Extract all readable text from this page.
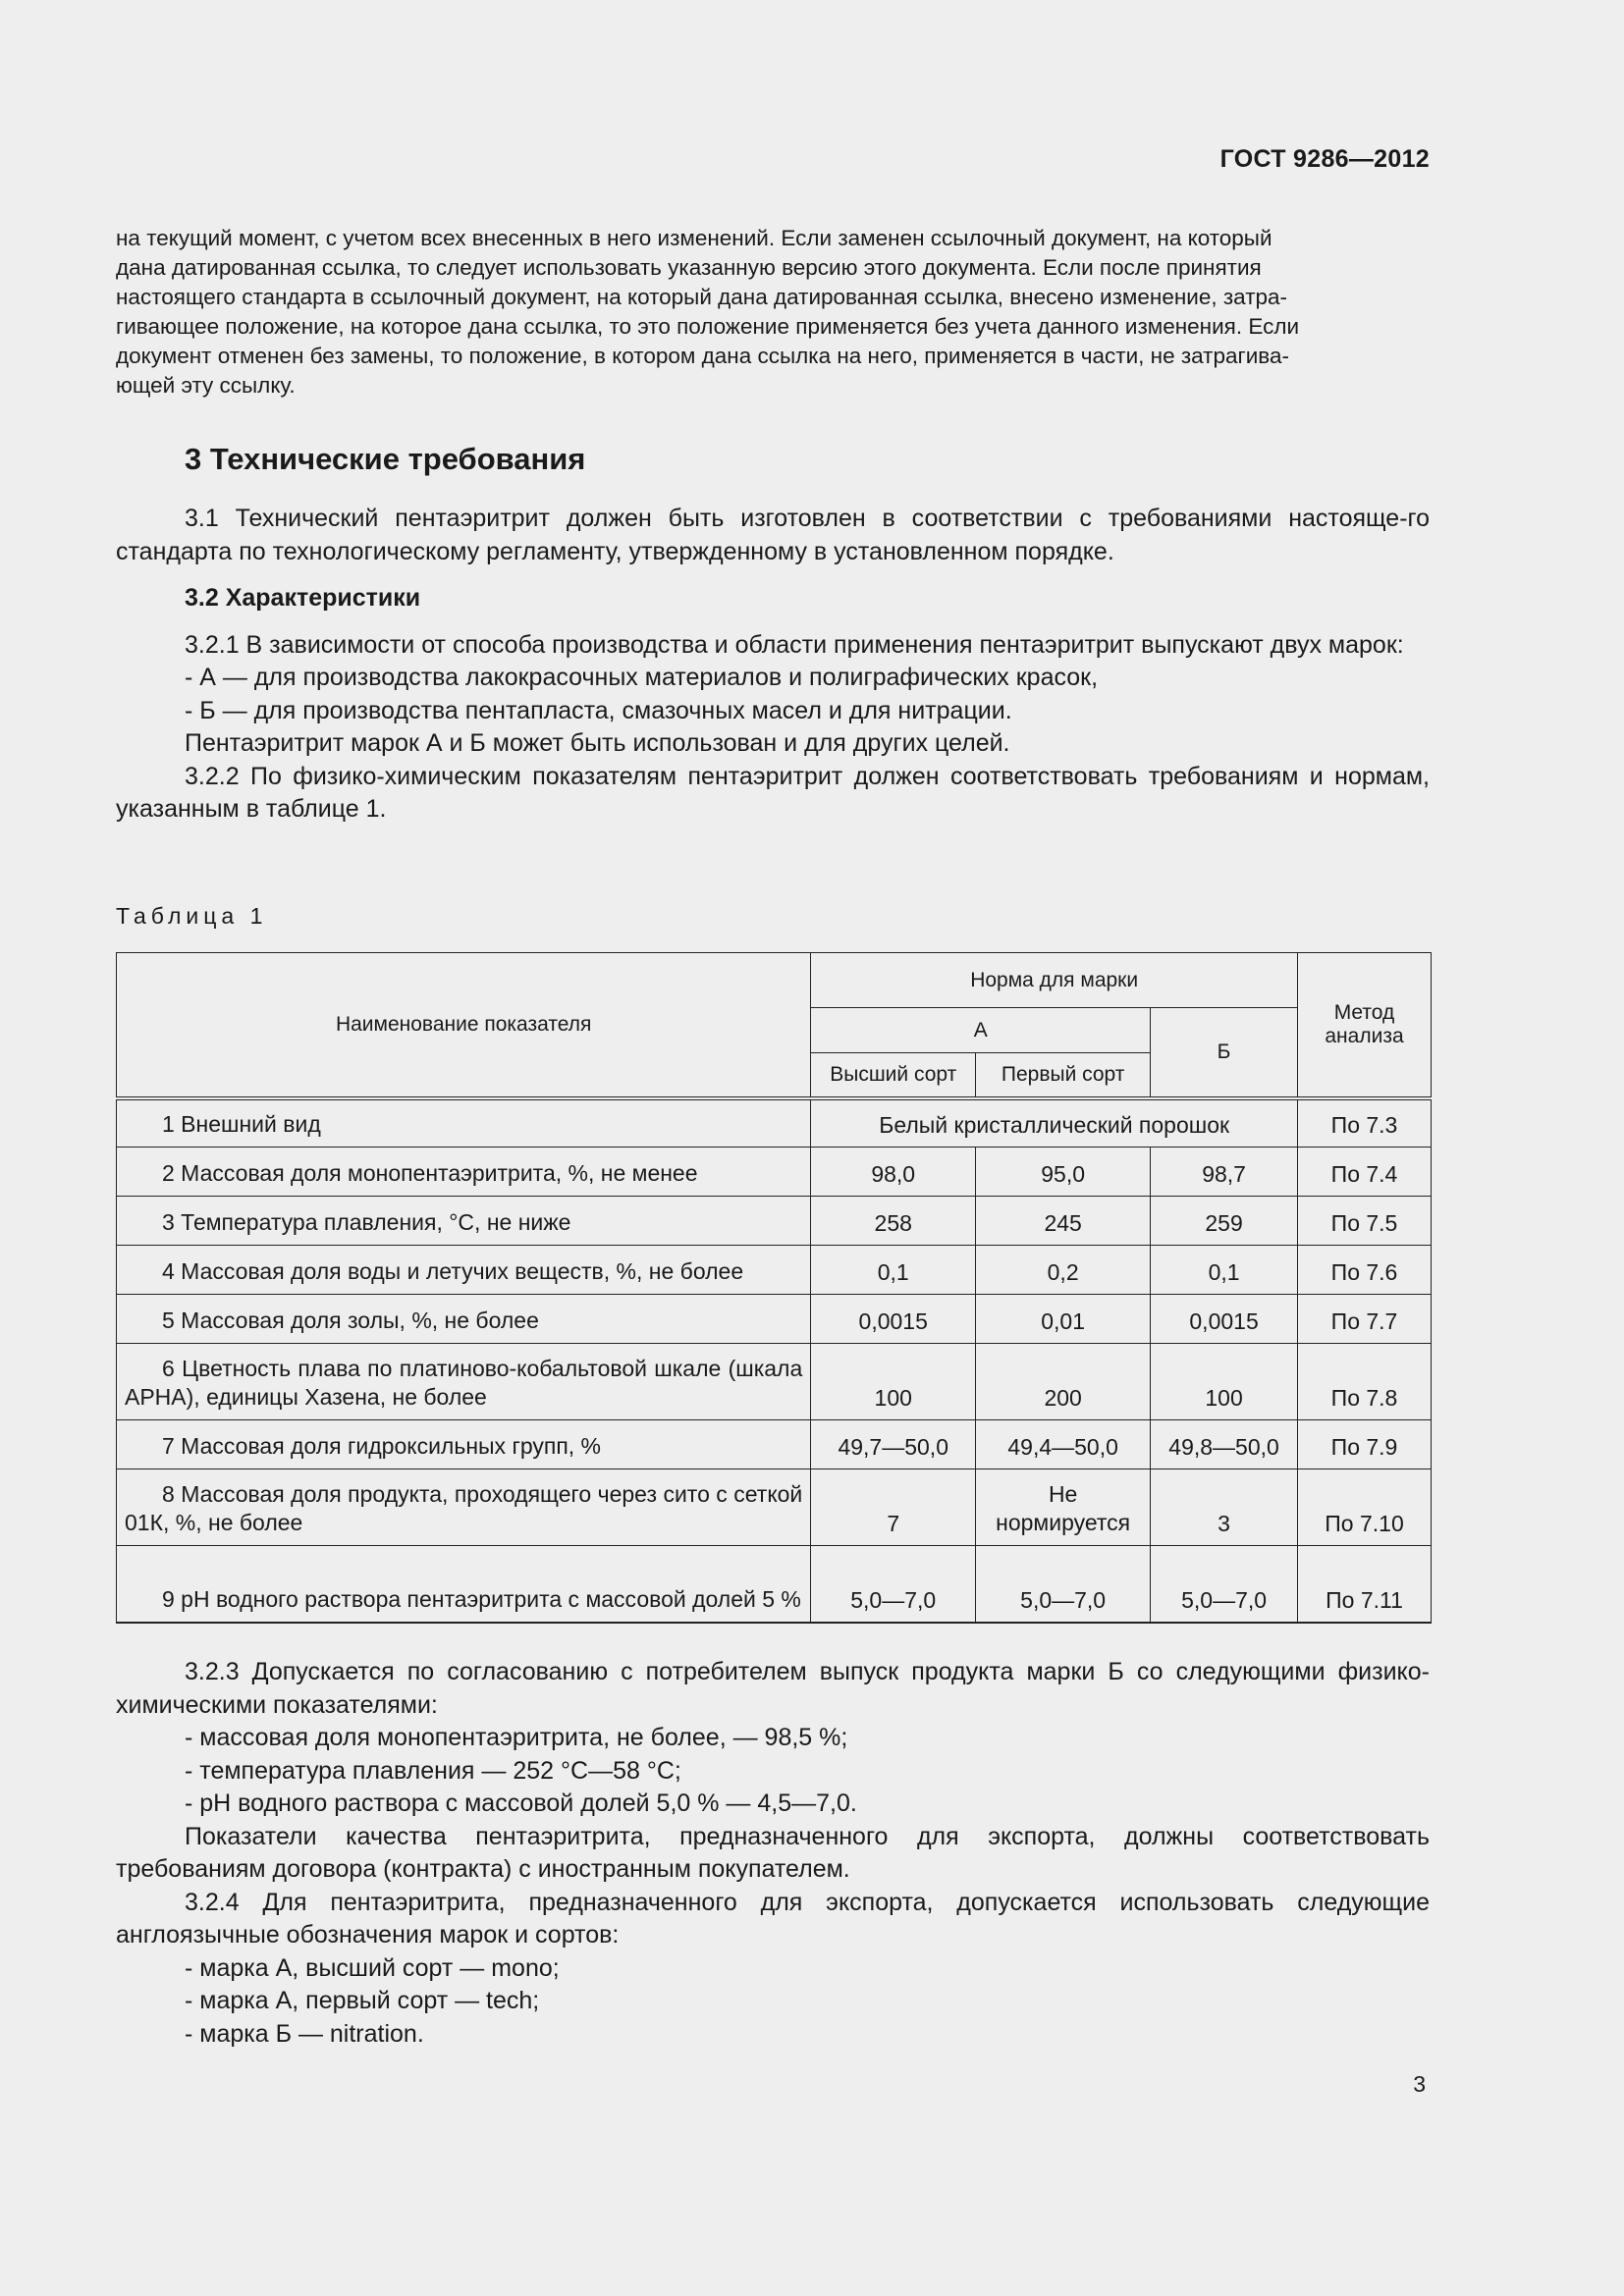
ГОСТ 9286—2012
на текущий момент, с учетом всех внесенных в него изменений. Если заменен ссылочный документ, на который
дана датированная ссылка, то следует использовать указанную версию этого документа. Если после принятия
настоящего стандарта в ссылочный документ, на который дана датированная ссылка, внесено изменение, затра-
гивающее положение, на которое дана ссылка, то это положение применяется без учета данного изменения. Если
документ отменен без замены, то положение, в котором дана ссылка на него, применяется в части, не затрагива-
ющей эту ссылку.
3 Технические требования

3.1 Технический пентаэритрит должен быть изготовлен в соответствии с требованиями настояще-го стандарта по технологическому регламенту, утвержденному в установленном порядке.

3.2 Характеристики

3.2.1 В зависимости от способа производства и области применения пентаэритрит выпускают двух марок:

- А — для производства лакокрасочных материалов и полиграфических красок,

- Б — для производства пентапласта, смазочных масел и для нитрации.

Пентаэритрит марок А и Б может быть использован и для других целей.

3.2.2 По физико-химическим показателям пентаэритрит должен соответствовать требованиям и нормам, указанным в таблице 1.

Таблица 1
Наименование показателя	Норма для марки			Метод анализа
	А		Б	
	Высший сорт	Первый сорт		
1 Внешний вид	Белый кристаллический порошок			По 7.3
2 Массовая доля монопентаэритрита, %, не менее	98,0	95,0	98,7	По 7.4
3 Температура плавления, °С, не ниже	258	245	259	По 7.5
4 Массовая доля воды и летучих веществ, %, не более	0,1	0,2	0,1	По 7.6
5 Массовая доля золы, %, не более	0,0015	0,01	0,0015	По 7.7
6 Цветность плава по платиново-кобальтовой шкале (шкала APHA), единицы Хазена, не более	100	200	100	По 7.8
7 Массовая доля гидроксильных групп, %	49,7—50,0	49,4—50,0	49,8—50,0	По 7.9
8 Массовая доля продукта, проходящего через сито с сеткой 01К, %, не более	7	Не нормируется	3	По 7.10
9 рН водного раствора пентаэритрита с массовой долей 5 %	5,0—7,0	5,0—7,0	5,0—7,0	По 7.11

3.2.3 Допускается по согласованию с потребителем выпуск продукта марки Б со следующими физико-химическими показателями:

- массовая доля монопентаэритрита, не более, — 98,5 %;

- температура плавления — 252 °С—58 °С;

- рН водного раствора с массовой долей 5,0 % — 4,5—7,0.

Показатели качества пентаэритрита, предназначенного для экспорта, должны соответствовать требованиям договора (контракта) с иностранным покупателем.

3.2.4 Для пентаэритрита, предназначенного для экспорта, допускается использовать следующие англоязычные обозначения марок и сортов:

- марка А, высший сорт — mono;

- марка А, первый сорт — tech;

- марка Б — nitration.

3
